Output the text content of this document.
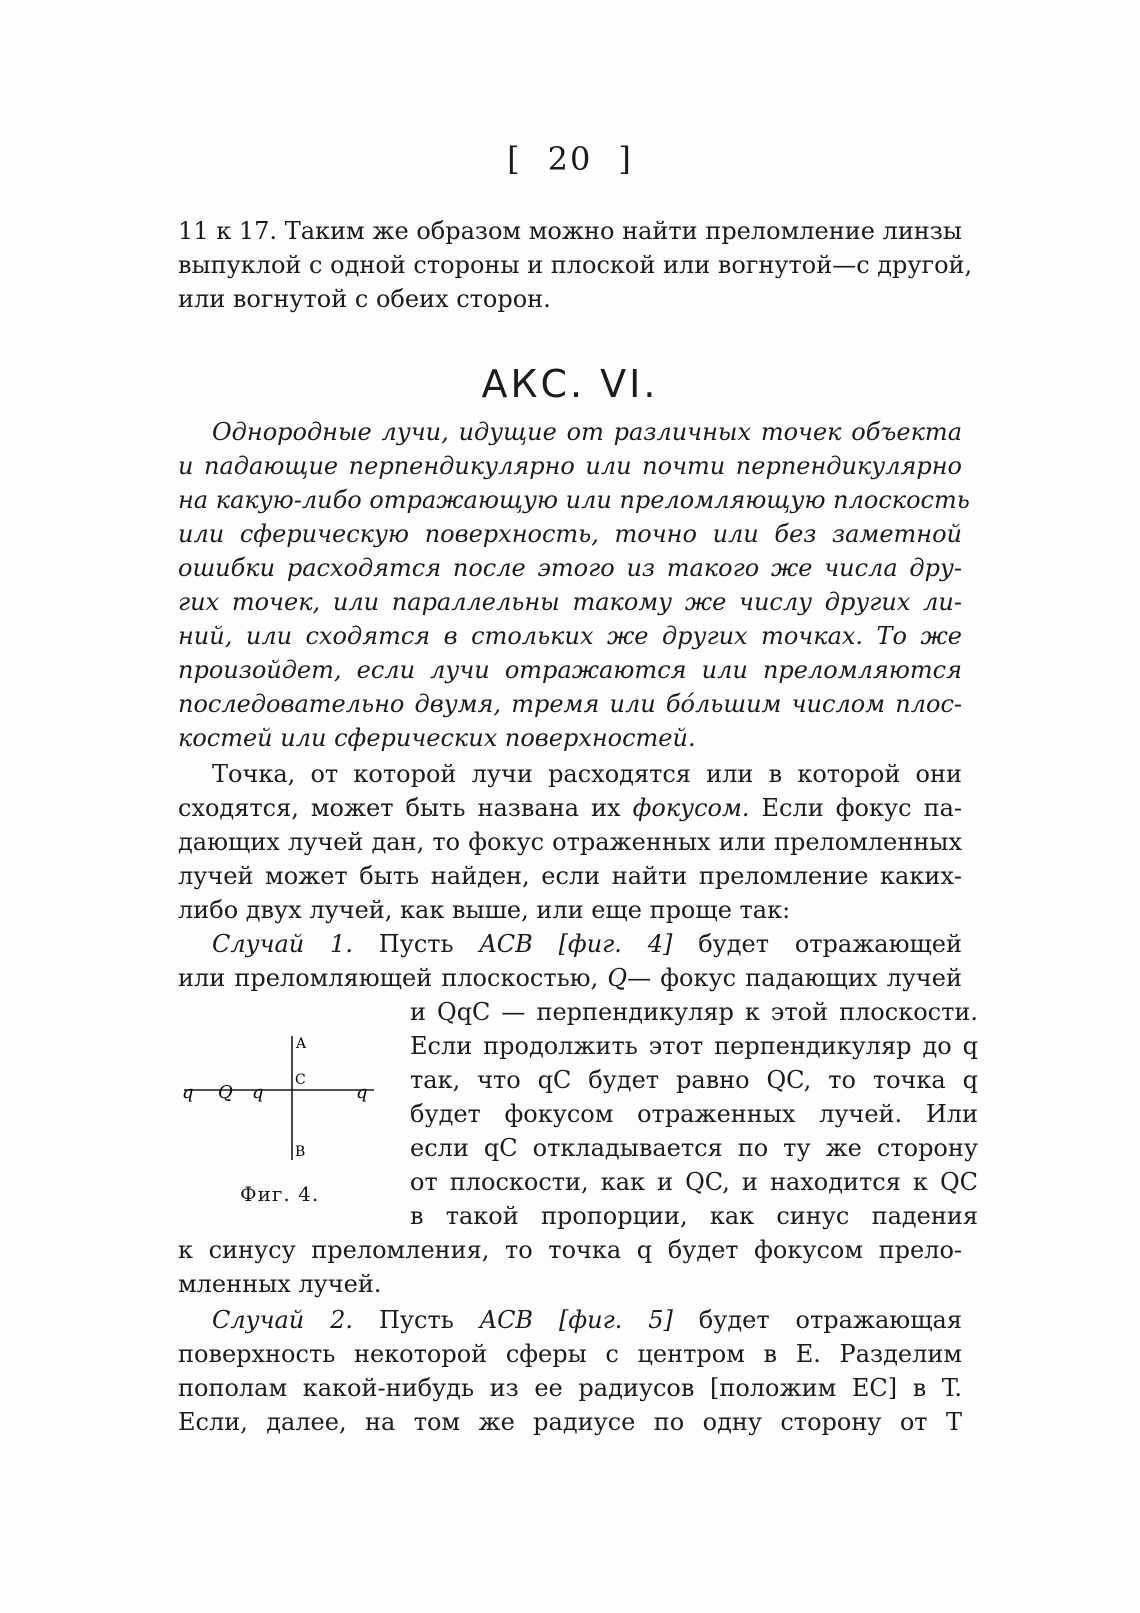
[ 20 ]
11 к 17. Таким же образом можно найти преломление линзы
выпуклой с одной стороны и плоской или вогнутой—с другой,
или вогнутой с обеих сторон.
АКС. VI.
Однородные лучи, идущие от различных точек объекта
и падающие перпендикулярно или почти перпендикулярно
на какую-либо отражающую или преломляющую плоскость
или сферическую поверхность, точно или без заметной
ошибки расходятся после этого из такого же числа дру-
гих точек, или параллельны такому же числу других ли-
ний, или сходятся в стольких же других точках. То же
произойдет, если лучи отражаются или преломляются
последовательно двумя, тремя или бóльшим числом плос-
костей или сферических поверхностей.
Точка, от которой лучи расходятся или в которой они
сходятся, может быть названа их фокусом. Если фокус па-
дающих лучей дан, то фокус отраженных или преломленных
лучей может быть найден, если найти преломление каких-
либо двух лучей, как выше, или еще проще так:
Случай 1. Пусть ACB [фиг. 4] будет отражающей
или преломляющей плоскостью, Q— фокус падающих лучей
и QqC — перпендикуляр к этой плоскости.
Если продолжить этот перпендикуляр до q
так, что qC будет равно QC, то точка q
будет фокусом отраженных лучей. Или
если qC откладывается по ту же сторону
от плоскости, как и QC, и находится к QC
в такой пропорции, как синус падения
к синусу преломления, то точка q будет фокусом прело-
мленных лучей.
A
C
B
q Q q	q
Фиг. 4.
Случай 2. Пусть ACB [фиг. 5] будет отражающая
поверхность некоторой сферы с центром в E. Разделим
пополам какой-нибудь из ее радиусов [положим EC] в T.
Если, далее, на том же радиусе по одну сторону от T
